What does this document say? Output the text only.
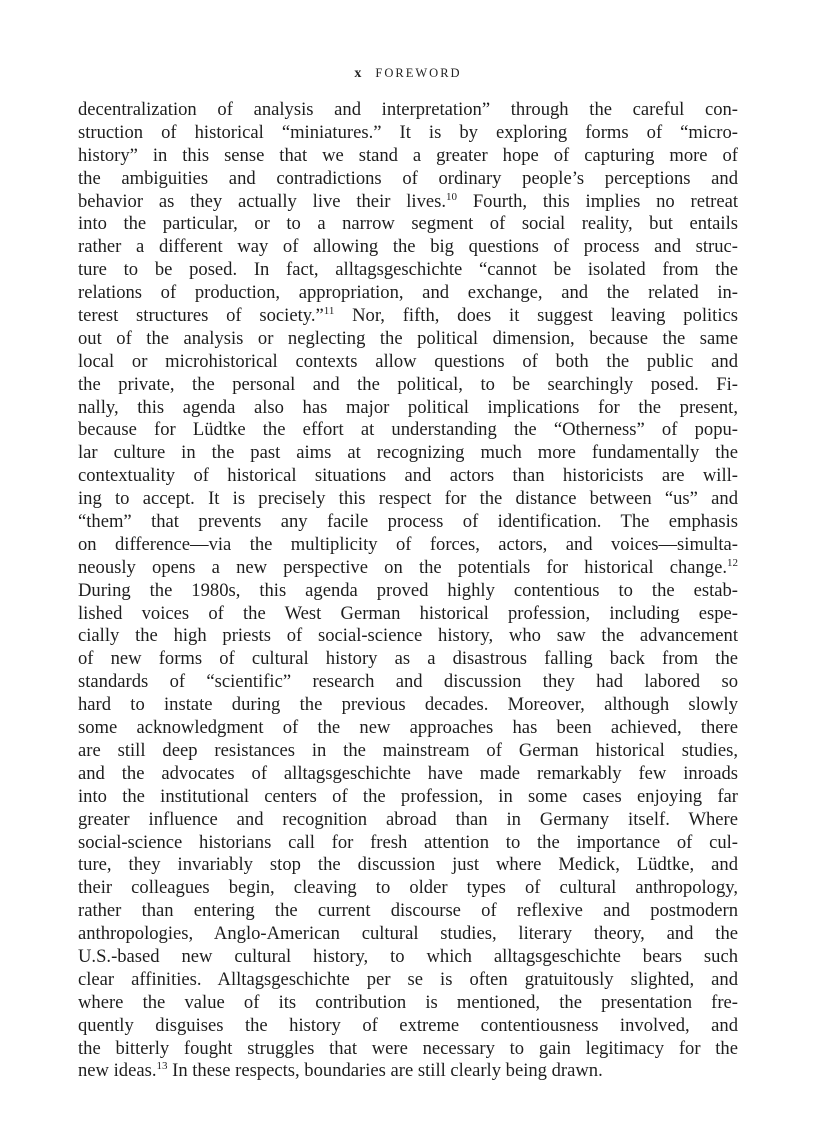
x FOREWORD
decentralization of analysis and interpretation” through the careful con-
struction of historical “miniatures.” It is by exploring forms of “micro-
history” in this sense that we stand a greater hope of capturing more of
the ambiguities and contradictions of ordinary people’s perceptions and
behavior as they actually live their lives.$^{10}$ Fourth, this implies no retreat
into the particular, or to a narrow segment of social reality, but entails
rather a different way of allowing the big questions of process and struc-
ture to be posed. In fact, alltagsgeschichte “cannot be isolated from the
relations of production, appropriation, and exchange, and the related in-
terest structures of society.”$^{11}$ Nor, fifth, does it suggest leaving politics
out of the analysis or neglecting the political dimension, because the same
local or microhistorical contexts allow questions of both the public and
the private, the personal and the political, to be searchingly posed. Fi-
nally, this agenda also has major political implications for the present,
because for Lüdtke the effort at understanding the “Otherness” of popu-
lar culture in the past aims at recognizing much more fundamentally the
contextuality of historical situations and actors than historicists are will-
ing to accept. It is precisely this respect for the distance between “us” and
“them” that prevents any facile process of identification. The emphasis
on difference—via the multiplicity of forces, actors, and voices—simulta-
neously opens a new perspective on the potentials for historical change.$^{12}$
During the 1980s, this agenda proved highly contentious to the estab-
lished voices of the West German historical profession, including espe-
cially the high priests of social-science history, who saw the advancement
of new forms of cultural history as a disastrous falling back from the
standards of “scientific” research and discussion they had labored so
hard to instate during the previous decades. Moreover, although slowly
some acknowledgment of the new approaches has been achieved, there
are still deep resistances in the mainstream of German historical studies,
and the advocates of alltagsgeschichte have made remarkably few inroads
into the institutional centers of the profession, in some cases enjoying far
greater influence and recognition abroad than in Germany itself. Where
social-science historians call for fresh attention to the importance of cul-
ture, they invariably stop the discussion just where Medick, Lüdtke, and
their colleagues begin, cleaving to older types of cultural anthropology,
rather than entering the current discourse of reflexive and postmodern
anthropologies, Anglo-American cultural studies, literary theory, and the
U.S.-based new cultural history, to which alltagsgeschichte bears such
clear affinities. Alltagsgeschichte per se is often gratuitously slighted, and
where the value of its contribution is mentioned, the presentation fre-
quently disguises the history of extreme contentiousness involved, and
the bitterly fought struggles that were necessary to gain legitimacy for the
new ideas.$^{13}$ In these respects, boundaries are still clearly being drawn.
